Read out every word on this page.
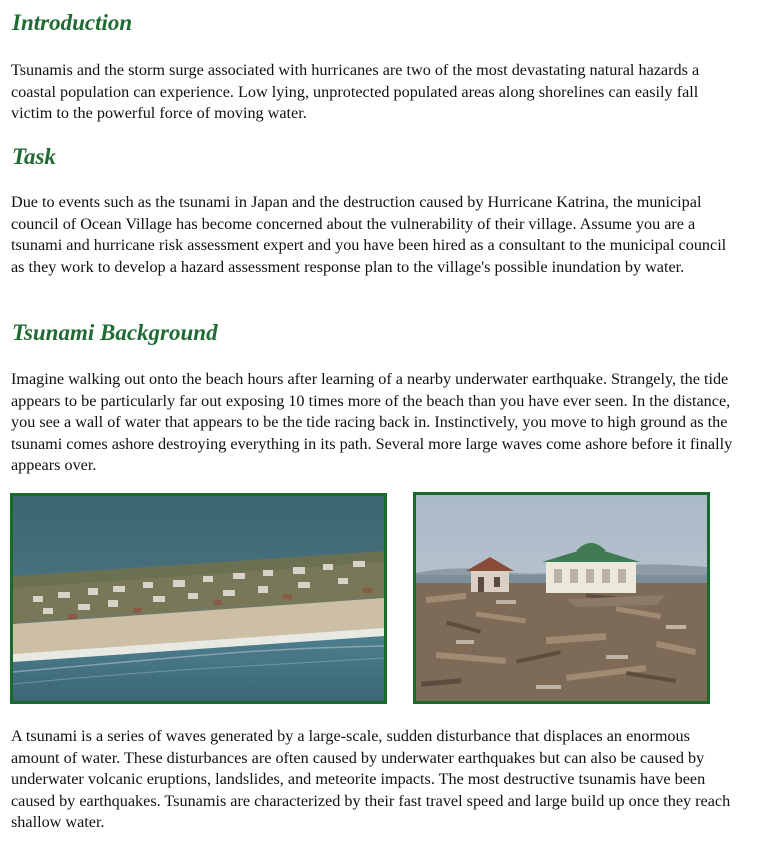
Introduction

Tsunamis and the storm surge associated with hurricanes are two of the most devastating natural hazards a coastal population can experience. Low lying, unprotected populated areas along shorelines can easily fall victim to the powerful force of moving water.

Task

Due to events such as the tsunami in Japan and the destruction caused by Hurricane Katrina, the municipal council of Ocean Village has become concerned about the vulnerability of their village. Assume you are a tsunami and hurricane risk assessment expert and you have been hired as a consultant to the municipal council as they work to develop a hazard assessment response plan to the village's possible inundation by water.

Tsunami Background

Imagine walking out onto the beach hours after learning of a nearby underwater earthquake. Strangely, the tide appears to be particularly far out exposing 10 times more of the beach than you have ever seen. In the distance, you see a wall of water that appears to be the tide racing back in. Instinctively, you move to high ground as the tsunami comes ashore destroying everything in its path. Several more large waves come ashore before it finally appears over.

A tsunami is a series of waves generated by a large-scale, sudden disturbance that displaces an enormous amount of water. These disturbances are often caused by underwater earthquakes but can also be caused by underwater volcanic eruptions, landslides, and meteorite impacts. The most destructive tsunamis have been caused by earthquakes. Tsunamis are characterized by their fast travel speed and large build up once they reach shallow water.
